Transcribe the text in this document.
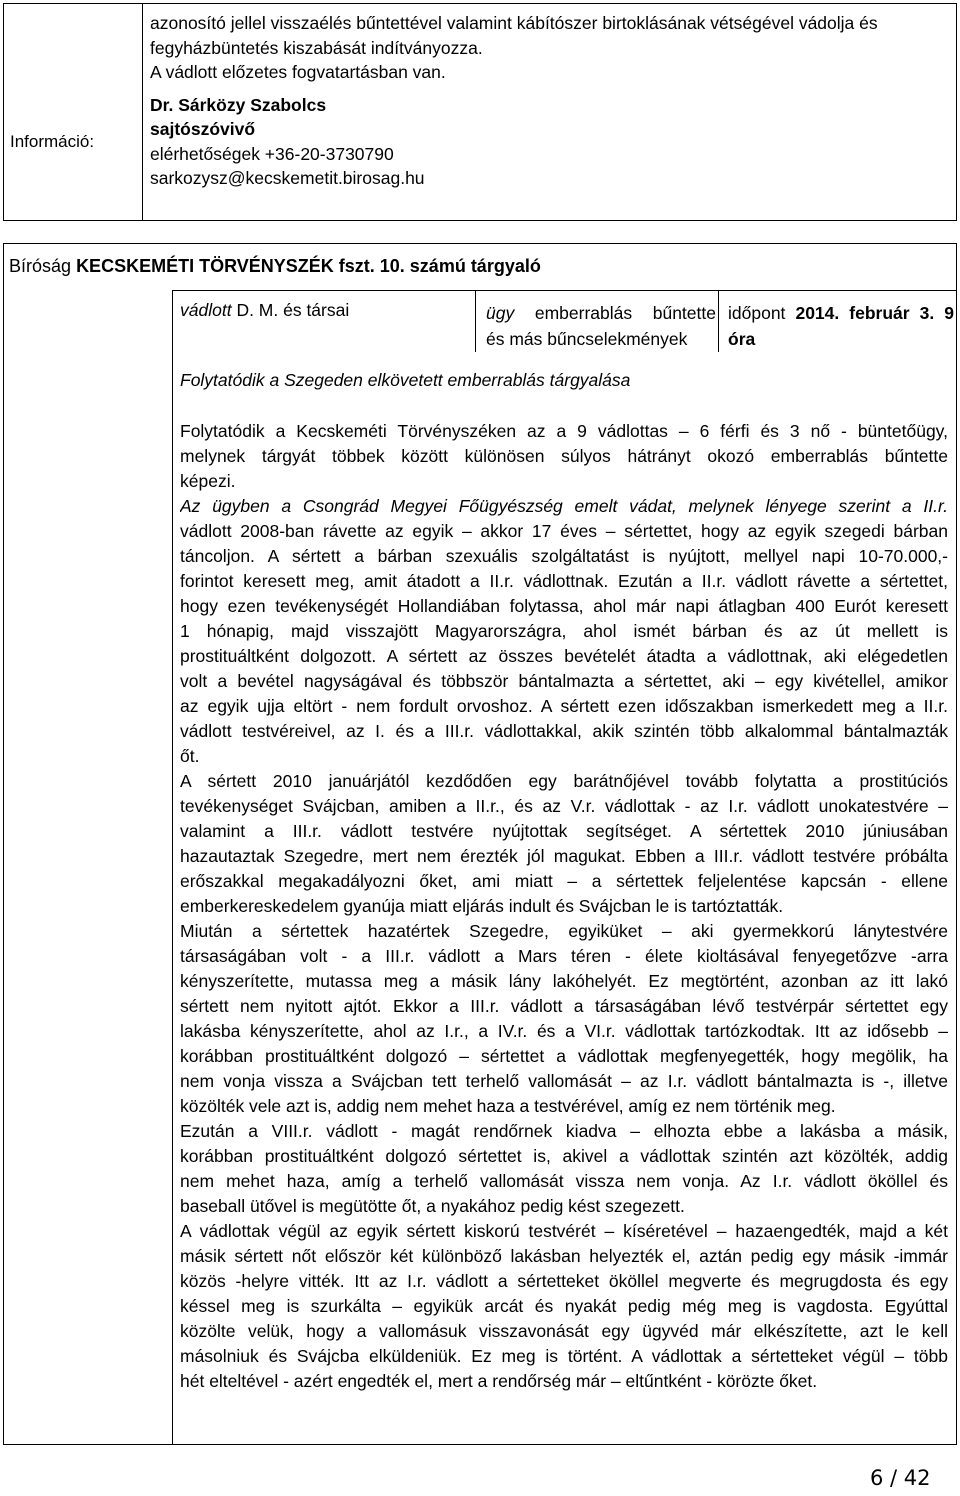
Információ:
azonosító jellel visszaélés bűntettével valamint kábítószer birtoklásának vétségével vádolja és
fegyházbüntetés kiszabását indítványozza.
A vádlott előzetes fogvatartásban van.
Dr. Sárközy Szabolcs
sajtószóvivő
elérhetőségek +36-20-3730790
sarkozysz@kecskemetit.birosag.hu
Bíróság KECSKEMÉTI TÖRVÉNYSZÉK fszt. 10. számú tárgyaló
vádlott D. M. és társai	ügy emberrablás bűntette
és más bűncselekmények
időpont 2014. február 3. 9
óra
Folytatódik a Szegeden elkövetett emberrablás tárgyalása
Folytatódik a Kecskeméti Törvényszéken az a 9 vádlottas – 6 férfi és 3 nő - büntetőügy,
melynek tárgyát többek között különösen súlyos hátrányt okozó emberrablás bűntette
képezi.
Az ügyben a Csongrád Megyei Főügyészség emelt vádat, melynek lényege szerint a II.r.
vádlott 2008-ban rávette az egyik – akkor 17 éves – sértettet, hogy az egyik szegedi bárban
táncoljon. A sértett a bárban szexuális szolgáltatást is nyújtott, mellyel napi 10-70.000,-
forintot keresett meg, amit átadott a II.r. vádlottnak. Ezután a II.r. vádlott rávette a sértettet,
hogy ezen tevékenységét Hollandiában folytassa, ahol már napi átlagban 400 Eurót keresett
1 hónapig, majd visszajött Magyarországra, ahol ismét bárban és az út mellett is
prostituáltként dolgozott. A sértett az összes bevételét átadta a vádlottnak, aki elégedetlen
volt a bevétel nagyságával és többször bántalmazta a sértettet, aki – egy kivétellel, amikor
az egyik ujja eltört - nem fordult orvoshoz. A sértett ezen időszakban ismerkedett meg a II.r.
vádlott testvéreivel, az I. és a III.r. vádlottakkal, akik szintén több alkalommal bántalmazták
őt.
A sértett 2010 januárjától kezdődően egy barátnőjével tovább folytatta a prostitúciós
tevékenységet Svájcban, amiben a II.r., és az V.r. vádlottak - az I.r. vádlott unokatestvére –
valamint a III.r. vádlott testvére nyújtottak segítséget. A sértettek 2010 júniusában
hazautaztak Szegedre, mert nem érezték jól magukat. Ebben a III.r. vádlott testvére próbálta
erőszakkal megakadályozni őket, ami miatt – a sértettek feljelentése kapcsán - ellene
emberkereskedelem gyanúja miatt eljárás indult és Svájcban le is tartóztatták.
Miután a sértettek hazatértek Szegedre, egyiküket – aki gyermekkorú lánytestvére
társaságában volt - a III.r. vádlott a Mars téren - élete kioltásával fenyegetőzve -arra
kényszerítette, mutassa meg a másik lány lakóhelyét. Ez megtörtént, azonban az itt lakó
sértett nem nyitott ajtót. Ekkor a III.r. vádlott a társaságában lévő testvérpár sértettet egy
lakásba kényszerítette, ahol az I.r., a IV.r. és a VI.r. vádlottak tartózkodtak. Itt az idősebb –
korábban prostituáltként dolgozó – sértettet a vádlottak megfenyegették, hogy megölik, ha
nem vonja vissza a Svájcban tett terhelő vallomását – az I.r. vádlott bántalmazta is -, illetve
közölték vele azt is, addig nem mehet haza a testvérével, amíg ez nem történik meg.
Ezután a VIII.r. vádlott - magát rendőrnek kiadva – elhozta ebbe a lakásba a másik,
korábban prostituáltként dolgozó sértettet is, akivel a vádlottak szintén azt közölték, addig
nem mehet haza, amíg a terhelő vallomását vissza nem vonja. Az I.r. vádlott ököllel és
baseball ütővel is megütötte őt, a nyakához pedig kést szegezett.
A vádlottak végül az egyik sértett kiskorú testvérét – kíséretével – hazaengedték, majd a két
másik sértett nőt először két különböző lakásban helyezték el, aztán pedig egy másik -immár
közös -helyre vitték. Itt az I.r. vádlott a sértetteket ököllel megverte és megrugdosta és egy
késsel meg is szurkálta – egyikük arcát és nyakát pedig még meg is vagdosta. Egyúttal
közölte velük, hogy a vallomásuk visszavonását egy ügyvéd már elkészítette, azt le kell
másolniuk és Svájcba elküldeniük. Ez meg is történt. A vádlottak a sértetteket végül – több
hét elteltével - azért engedték el, mert a rendőrség már – eltűntként - körözte őket.
6 / 42
